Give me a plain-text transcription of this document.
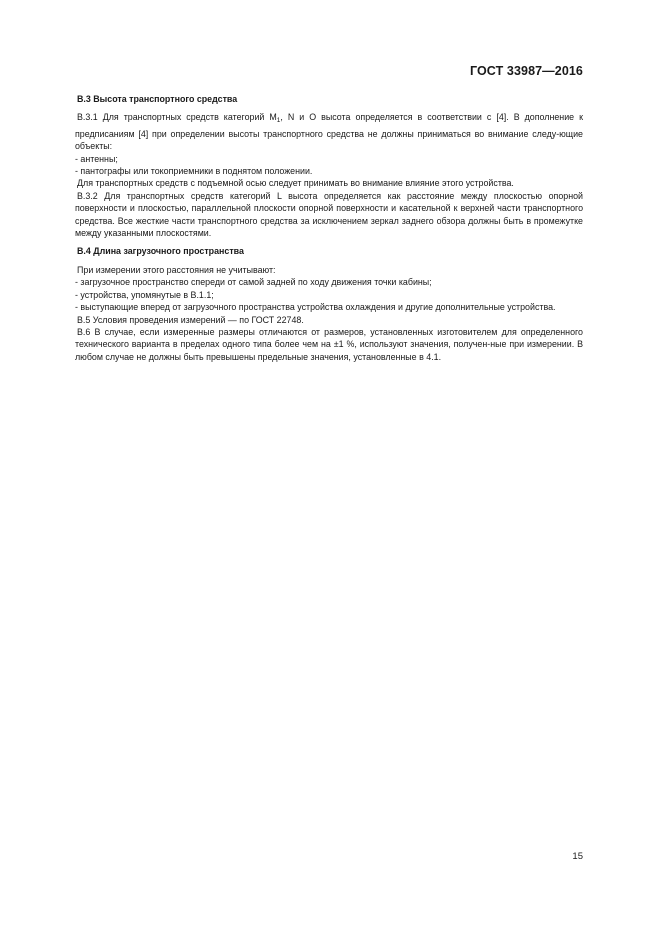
ГОСТ 33987—2016
B.3 Высота транспортного средства

B.3.1 Для транспортных средств категорий $M_1$, N и O высота определяется в соответствии с [4]. В дополнение к предписаниям [4] при определении высоты транспортного средства не должны приниматься во внимание следу-ющие объекты:

- антенны;

- пантографы или токоприемники в поднятом положении.

Для транспортных средств с подъемной осью следует принимать во внимание влияние этого устройства.

B.3.2 Для транспортных средств категорий L высота определяется как расстояние между плоскостью опорной поверхности и плоскостью, параллельной плоскости опорной поверхности и касательной к верхней части транспортного средства. Все жесткие части транспортного средства за исключением зеркал заднего обзора должны быть в промежутке между указанными плоскостями.

B.4 Длина загрузочного пространства

При измерении этого расстояния не учитывают:

- загрузочное пространство спереди от самой задней по ходу движения точки кабины;

- устройства, упомянутые в В.1.1;

- выступающие вперед от загрузочного пространства устройства охлаждения и другие дополнительные устройства.

B.5 Условия проведения измерений — по ГОСТ 22748.

B.6 В случае, если измеренные размеры отличаются от размеров, установленных изготовителем для определенного технического варианта в пределах одного типа более чем на ±1 %, используют значения, получен-ные при измерении. В любом случае не должны быть превышены предельные значения, установленные в 4.1.

15
